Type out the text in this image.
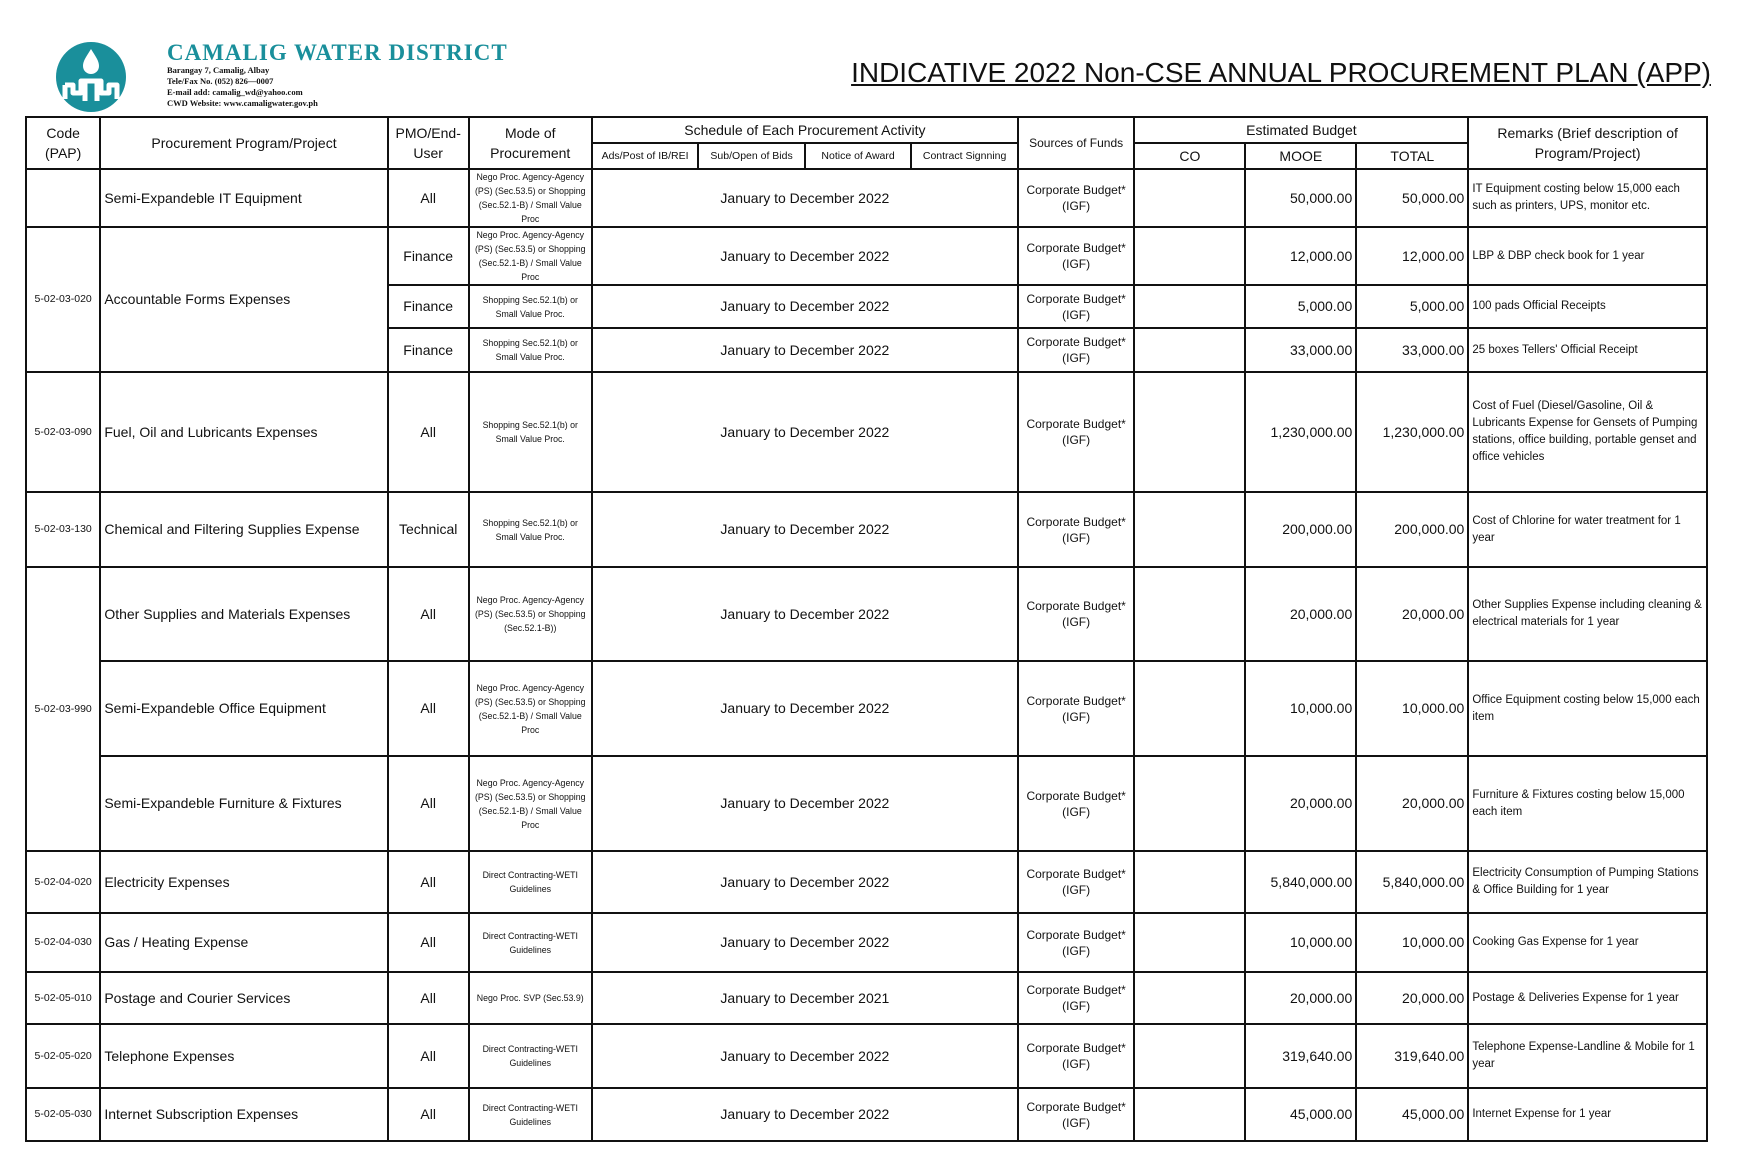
CAMALIG WATER DISTRICT
Barangay 7, Camalig, Albay
Tele/Fax No. (052) 826—0007
E-mail add: camalig_wd@yahoo.com
CWD Website: www.camaligwater.gov.ph
INDICATIVE 2022 Non-CSE ANNUAL PROCUREMENT PLAN (APP)
Code (PAP)	Procurement Program/Project	PMO/End-User	Mode of Procurement	Schedule of Each Procurement Activity				Sources of Funds	Estimated Budget			Remarks (Brief description of Program/Project)
				Ads/Post of IB/REI	Sub/Open of Bids	Notice of Award	Contract Signning		CO	MOOE	TOTAL	
	Semi-Expandeble IT Equipment	All	Nego Proc. Agency-Agency (PS) (Sec.53.5) or Shopping (Sec.52.1-B) / Small Value Proc	January to December 2022				Corporate Budget*(IGF)		50,000.00	50,000.00	IT Equipment costing below 15,000 each such as printers, UPS, monitor etc.
5-02-03-020	Accountable Forms Expenses	Finance	Nego Proc. Agency-Agency (PS) (Sec.53.5) or Shopping (Sec.52.1-B) / Small Value Proc	January to December 2022				Corporate Budget*(IGF)		12,000.00	12,000.00	LBP & DBP check book for 1 year
		Finance	Shopping Sec.52.1(b) or Small Value Proc.	January to December 2022				Corporate Budget*(IGF)		5,000.00	5,000.00	100 pads Official Receipts
		Finance	Shopping Sec.52.1(b) or Small Value Proc.	January to December 2022				Corporate Budget*(IGF)		33,000.00	33,000.00	25 boxes Tellers' Official Receipt
5-02-03-090	Fuel, Oil and Lubricants Expenses	All	Shopping Sec.52.1(b) or Small Value Proc.	January to December 2022				Corporate Budget*(IGF)		1,230,000.00	1,230,000.00	Cost of Fuel (Diesel/Gasoline, Oil & Lubricants Expense for Gensets of Pumping stations, office building, portable genset and office vehicles
5-02-03-130	Chemical and Filtering Supplies Expense	Technical	Shopping Sec.52.1(b) or Small Value Proc.	January to December 2022				Corporate Budget*(IGF)		200,000.00	200,000.00	Cost of Chlorine for water treatment for 1 year
5-02-03-990	Other Supplies and Materials Expenses	All	Nego Proc. Agency-Agency (PS) (Sec.53.5) or Shopping (Sec.52.1-B))	January to December 2022				Corporate Budget*(IGF)		20,000.00	20,000.00	Other Supplies Expense including cleaning & electrical materials for 1 year
	Semi-Expandeble Office Equipment	All	Nego Proc. Agency-Agency (PS) (Sec.53.5) or Shopping (Sec.52.1-B) / Small Value Proc	January to December 2022				Corporate Budget*(IGF)		10,000.00	10,000.00	Office Equipment costing below 15,000 each item
	Semi-Expandeble Furniture & Fixtures	All	Nego Proc. Agency-Agency (PS) (Sec.53.5) or Shopping (Sec.52.1-B) / Small Value Proc	January to December 2022				Corporate Budget*(IGF)		20,000.00	20,000.00	Furniture & Fixtures costing below 15,000 each item
5-02-04-020	Electricity Expenses	All	Direct Contracting-WETI Guidelines	January to December 2022				Corporate Budget*(IGF)		5,840,000.00	5,840,000.00	Electricity Consumption of Pumping Stations & Office Building for 1 year
5-02-04-030	Gas / Heating Expense	All	Direct Contracting-WETI Guidelines	January to December 2022				Corporate Budget*(IGF)		10,000.00	10,000.00	Cooking Gas Expense for 1 year
5-02-05-010	Postage and Courier Services	All	Nego Proc. SVP (Sec.53.9)	January to December 2021				Corporate Budget*(IGF)		20,000.00	20,000.00	Postage & Deliveries Expense for 1 year
5-02-05-020	Telephone Expenses	All	Direct Contracting-WETI Guidelines	January to December 2022				Corporate Budget*(IGF)		319,640.00	319,640.00	Telephone Expense-Landline & Mobile for 1 year
5-02-05-030	Internet Subscription Expenses	All	Direct Contracting-WETI Guidelines	January to December 2022				Corporate Budget*(IGF)		45,000.00	45,000.00	Internet Expense for 1 year
